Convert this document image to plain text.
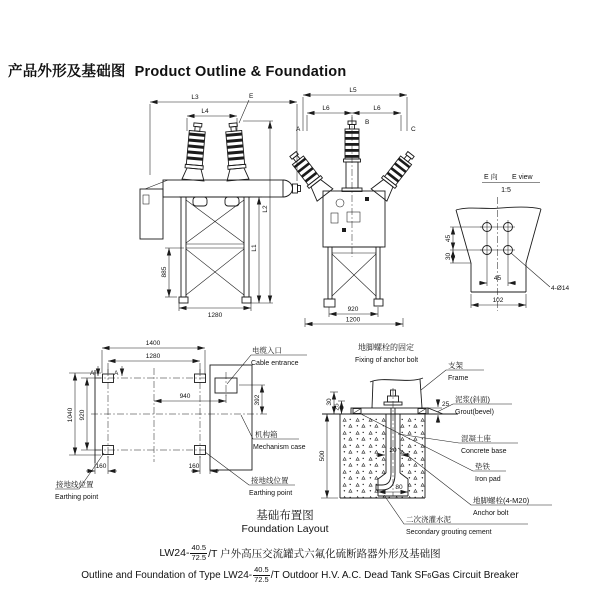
产品外形及基础图 Product Outline & Foundation
L3
L4
E
885
1280
L1
L2
L5
L6	L6
A
B
C
920
1200
E 向 E view
1:5
45
30
45
102
4-Ø14
1400
1280
A	A
1040 920
940	392
160	160
电缆入口
Cable entrance
机构箱
Mechanism case
接地线位置
Earthing point
接地线位置
Earthing point
地脚螺栓的固定
Fixing of anchor bolt
500
30
25	25
20
80
支架
Frame
泥浆(斜面)
Grout(bevel)
混凝土座
Concrete base
垫铁
Iron pad
地脚螺栓(4-M20)
Anchor bolt
二次浇灌水泥
Secondary grouting cement
基础布置图
Foundation Layout
$LW24- \frac{40.5}{72.5} /T$ 户外高压交流罐式六氟化硫断路器外形及基础图
Outline and Foundation of Type $LW24- \frac{40.5}{72.5} /T$ Outdoor H.V. A.C. Dead Tank SF 6 Gas Circuit Breaker
